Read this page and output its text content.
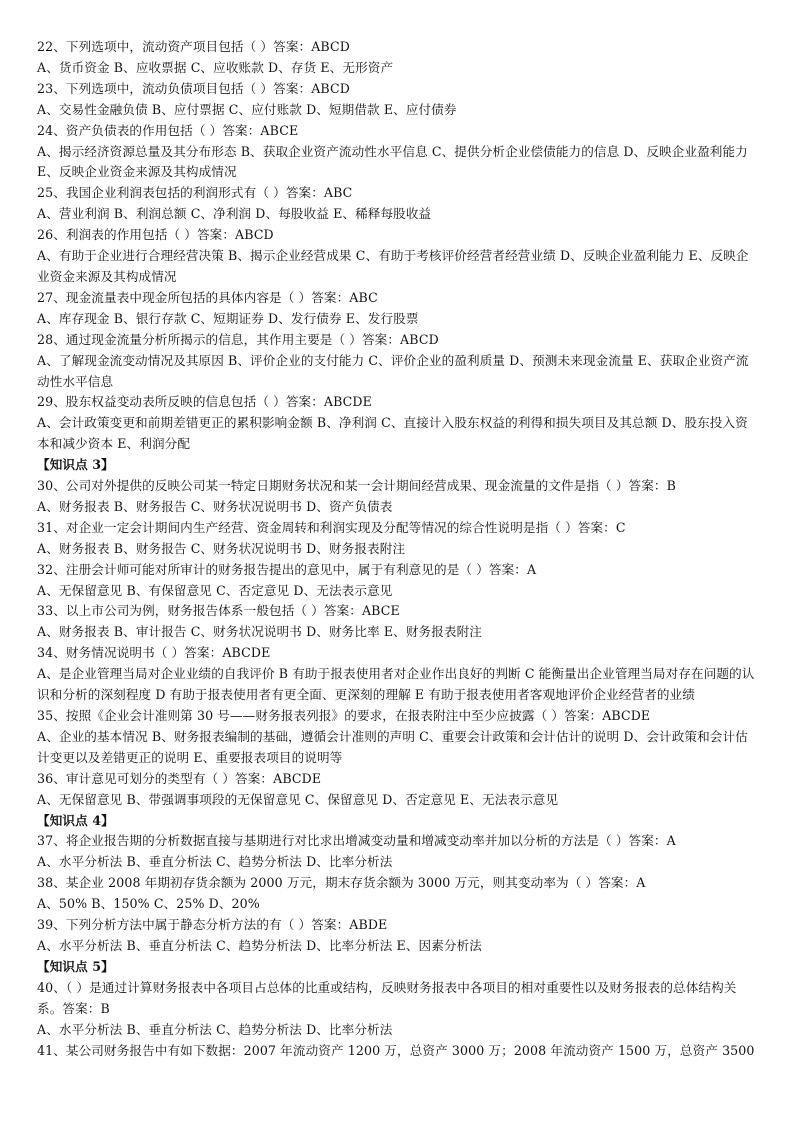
22、下列选项中，流动资产项目包括（ ）答案：ABCD
A、货币资金 B、应收票据 C、应收账款 D、存货 E、无形资产
23、下列选项中，流动负债项目包括（ ）答案：ABCD
A、交易性金融负债 B、应付票据 C、应付账款 D、短期借款 E、应付债券
24、资产负债表的作用包括（ ）答案：ABCE
A、揭示经济资源总量及其分布形态 B、获取企业资产流动性水平信息 C、提供分析企业偿债能力的信息 D、反映企业盈利能力 E、反映企业资金来源及其构成情况
25、我国企业利润表包括的利润形式有（ ）答案：ABC
A、营业利润 B、利润总额 C、净利润 D、每股收益 E、稀释每股收益
26、利润表的作用包括（ ）答案：ABCD
A、有助于企业进行合理经营决策 B、揭示企业经营成果 C、有助于考核评价经营者经营业绩 D、反映企业盈利能力 E、反映企业资金来源及其构成情况
27、现金流量表中现金所包括的具体内容是（ ）答案：ABC
A、库存现金 B、银行存款 C、短期证券 D、发行债券 E、发行股票
28、通过现金流量分析所揭示的信息，其作用主要是（ ）答案：ABCD
A、了解现金流变动情况及其原因 B、评价企业的支付能力 C、评价企业的盈利质量 D、预测未来现金流量 E、获取企业资产流动性水平信息
29、股东权益变动表所反映的信息包括（ ）答案：ABCDE
A、会计政策变更和前期差错更正的累积影响金额 B、净利润 C、直接计入股东权益的利得和损失项目及其总额 D、股东投入资本和减少资本 E、利润分配
【知识点 3】
30、公司对外提供的反映公司某一特定日期财务状况和某一会计期间经营成果、现金流量的文件是指（ ）答案：B
A、财务报表 B、财务报告 C、财务状况说明书 D、资产负债表
31、对企业一定会计期间内生产经营、资金周转和利润实现及分配等情况的综合性说明是指（ ）答案：C
A、财务报表 B、财务报告 C、财务状况说明书 D、财务报表附注
32、注册会计师可能对所审计的财务报告提出的意见中，属于有利意见的是（ ）答案：A
A、无保留意见 B、有保留意见 C、否定意见 D、无法表示意见
33、以上市公司为例，财务报告体系一般包括（ ）答案：ABCE
A、财务报表 B、审计报告 C、财务状况说明书 D、财务比率 E、财务报表附注
34、财务情况说明书（ ）答案：ABCDE
A、是企业管理当局对企业业绩的自我评价 B 有助于报表使用者对企业作出良好的判断 C 能衡量出企业管理当局对存在问题的认识和分析的深刻程度 D 有助于报表使用者有更全面、更深刻的理解 E 有助于报表使用者客观地评价企业经营者的业绩
35、按照《企业会计准则第 30 号——财务报表列报》的要求，在报表附注中至少应披露（ ）答案：ABCDE
A、企业的基本情况 B、财务报表编制的基础，遵循会计准则的声明 C、重要会计政策和会计估计的说明 D、会计政策和会计估计变更以及差错更正的说明 E、重要报表项目的说明等
36、审计意见可划分的类型有（ ）答案：ABCDE
A、无保留意见 B、带强调事项段的无保留意见 C、保留意见 D、否定意见 E、无法表示意见
【知识点 4】
37、将企业报告期的分析数据直接与基期进行对比求出增减变动量和增减变动率并加以分析的方法是（ ）答案：A
A、水平分析法 B、垂直分析法 C、趋势分析法 D、比率分析法
38、某企业 2008 年期初存货余额为 2000 万元，期末存货余额为 3000 万元，则其变动率为（ ）答案：A
A、50% B、150% C、25% D、20%
39、下列分析方法中属于静态分析方法的有（ ）答案：ABDE
A、水平分析法 B、垂直分析法 C、趋势分析法 D、比率分析法 E、因素分析法
【知识点 5】
40、（ ）是通过计算财务报表中各项目占总体的比重或结构，反映财务报表中各项目的相对重要性以及财务报表的总体结构关系。答案：B
A、水平分析法 B、垂直分析法 C、趋势分析法 D、比率分析法
41、某公司财务报告中有如下数据：2007 年流动资产 1200 万，总资产 3000 万；2008 年流动资产 1500 万，总资产 3500
